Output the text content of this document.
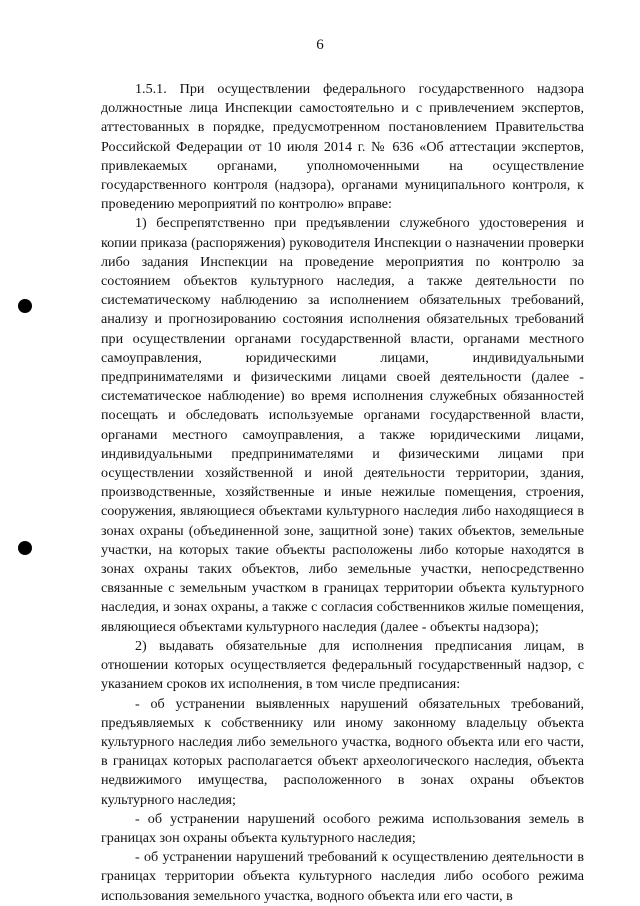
6

1.5.1. При осуществлении федерального государственного надзора должностные лица Инспекции самостоятельно и с привлечением экспертов, аттестованных в порядке, предусмотренном постановлением Правительства Российской Федерации от 10 июля 2014 г. № 636 «Об аттестации экспертов, привлекаемых органами, уполномоченными на осуществление государственного контроля (надзора), органами муниципального контроля, к проведению мероприятий по контролю» вправе:

1) беспрепятственно при предъявлении служебного удостоверения и копии приказа (распоряжения) руководителя Инспекции о назначении проверки либо задания Инспекции на проведение мероприятия по контролю за состоянием объектов культурного наследия, а также деятельности по систематическому наблюдению за исполнением обязательных требований, анализу и прогнозированию состояния исполнения обязательных требований при осуществлении органами государственной власти, органами местного самоуправления, юридическими лицами, индивидуальными предпринимателями и физическими лицами своей деятельности (далее - систематическое наблюдение) во время исполнения служебных обязанностей посещать и обследовать используемые органами государственной власти, органами местного самоуправления, а также юридическими лицами, индивидуальными предпринимателями и физическими лицами при осуществлении хозяйственной и иной деятельности территории, здания, производственные, хозяйственные и иные нежилые помещения, строения, сооружения, являющиеся объектами культурного наследия либо находящиеся в зонах охраны (объединенной зоне, защитной зоне) таких объектов, земельные участки, на которых такие объекты расположены либо которые находятся в зонах охраны таких объектов, либо земельные участки, непосредственно связанные с земельным участком в границах территории объекта культурного наследия, и зонах охраны, а также с согласия собственников жилые помещения, являющиеся объектами культурного наследия (далее - объекты надзора);

2) выдавать обязательные для исполнения предписания лицам, в отношении которых осуществляется федеральный государственный надзор, с указанием сроков их исполнения, в том числе предписания:

- об устранении выявленных нарушений обязательных требований, предъявляемых к собственнику или иному законному владельцу объекта культурного наследия либо земельного участка, водного объекта или его части, в границах которых располагается объект археологического наследия, объекта недвижимого имущества, расположенного в зонах охраны объектов культурного наследия;

- об устранении нарушений особого режима использования земель в границах зон охраны объекта культурного наследия;

- об устранении нарушений требований к осуществлению деятельности в границах территории объекта культурного наследия либо особого режима использования земельного участка, водного объекта или его части, в
